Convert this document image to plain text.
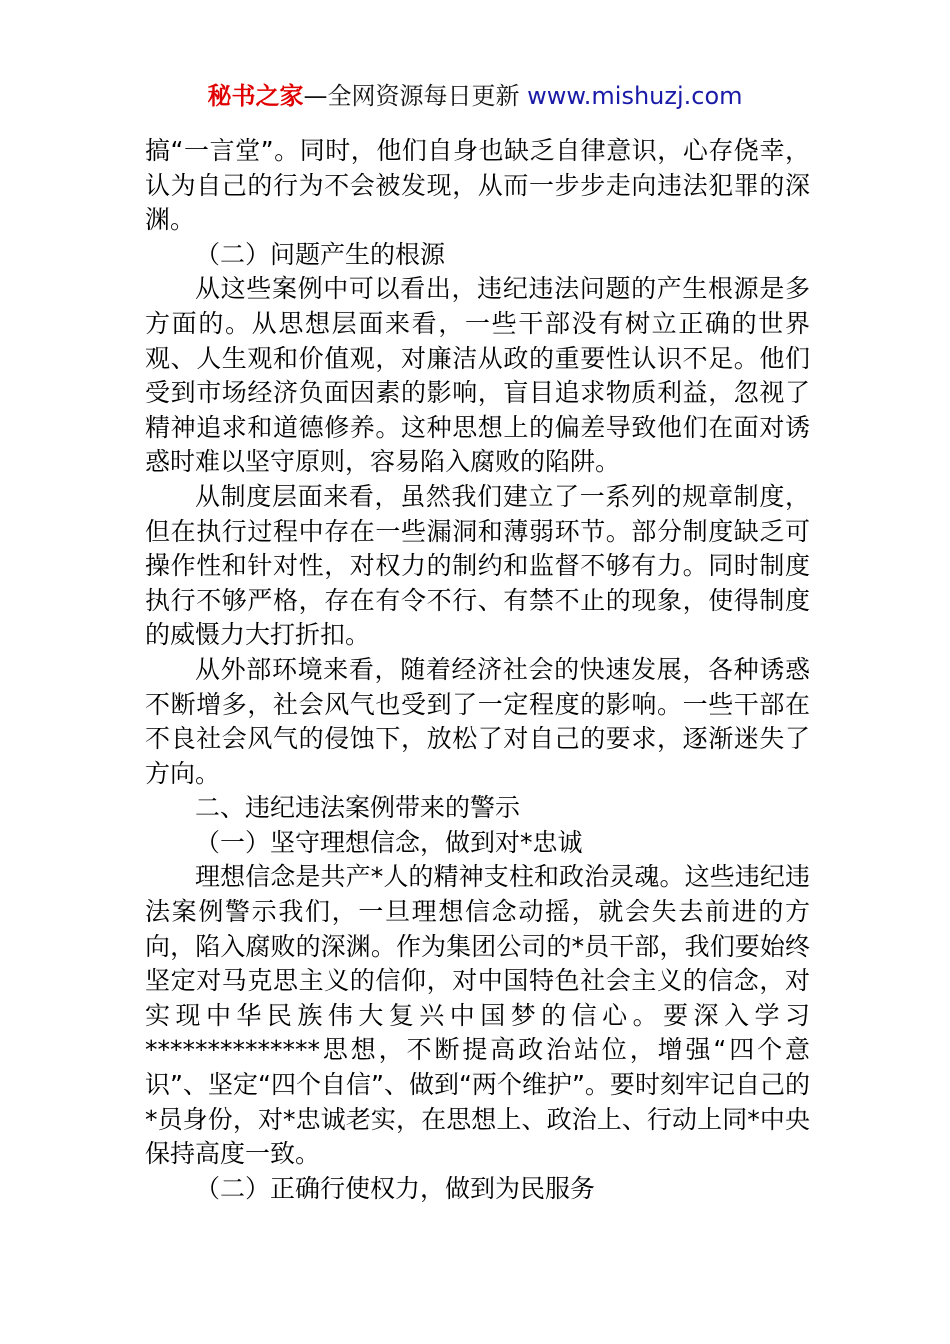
秘书之家—全网资源每日更新 www.mishuzj.com

搞“一言堂”。同时，他们自身也缺乏自律意识，心存侥幸，认为自己的行为不会被发现，从而一步步走向违法犯罪的深渊。

（二）问题产生的根源

从这些案例中可以看出，违纪违法问题的产生根源是多方面的。从思想层面来看，一些干部没有树立正确的世界观、人生观和价值观，对廉洁从政的重要性认识不足。他们受到市场经济负面因素的影响，盲目追求物质利益，忽视了精神追求和道德修养。这种思想上的偏差导致他们在面对诱惑时难以坚守原则，容易陷入腐败的陷阱。

从制度层面来看，虽然我们建立了一系列的规章制度，但在执行过程中存在一些漏洞和薄弱环节。部分制度缺乏可操作性和针对性，对权力的制约和监督不够有力。同时制度执行不够严格，存在有令不行、有禁不止的现象，使得制度的威慑力大打折扣。

从外部环境来看，随着经济社会的快速发展，各种诱惑不断增多，社会风气也受到了一定程度的影响。一些干部在不良社会风气的侵蚀下，放松了对自己的要求，逐渐迷失了方向。

二、违纪违法案例带来的警示

（一）坚守理想信念，做到对*忠诚

理想信念是共产*人的精神支柱和政治灵魂。这些违纪违法案例警示我们，一旦理想信念动摇，就会失去前进的方向，陷入腐败的深渊。作为集团公司的*员干部，我们要始终坚定对马克思主义的信仰，对中国特色社会主义的信念，对实现中华民族伟大复兴中国梦的信心。要深入学习**************思想，不断提高政治站位，增强“四个意识”、坚定“四个自信”、做到“两个维护”。要时刻牢记自己的*员身份，对*忠诚老实，在思想上、政治上、行动上同*中央保持高度一致。

（二）正确行使权力，做到为民服务
